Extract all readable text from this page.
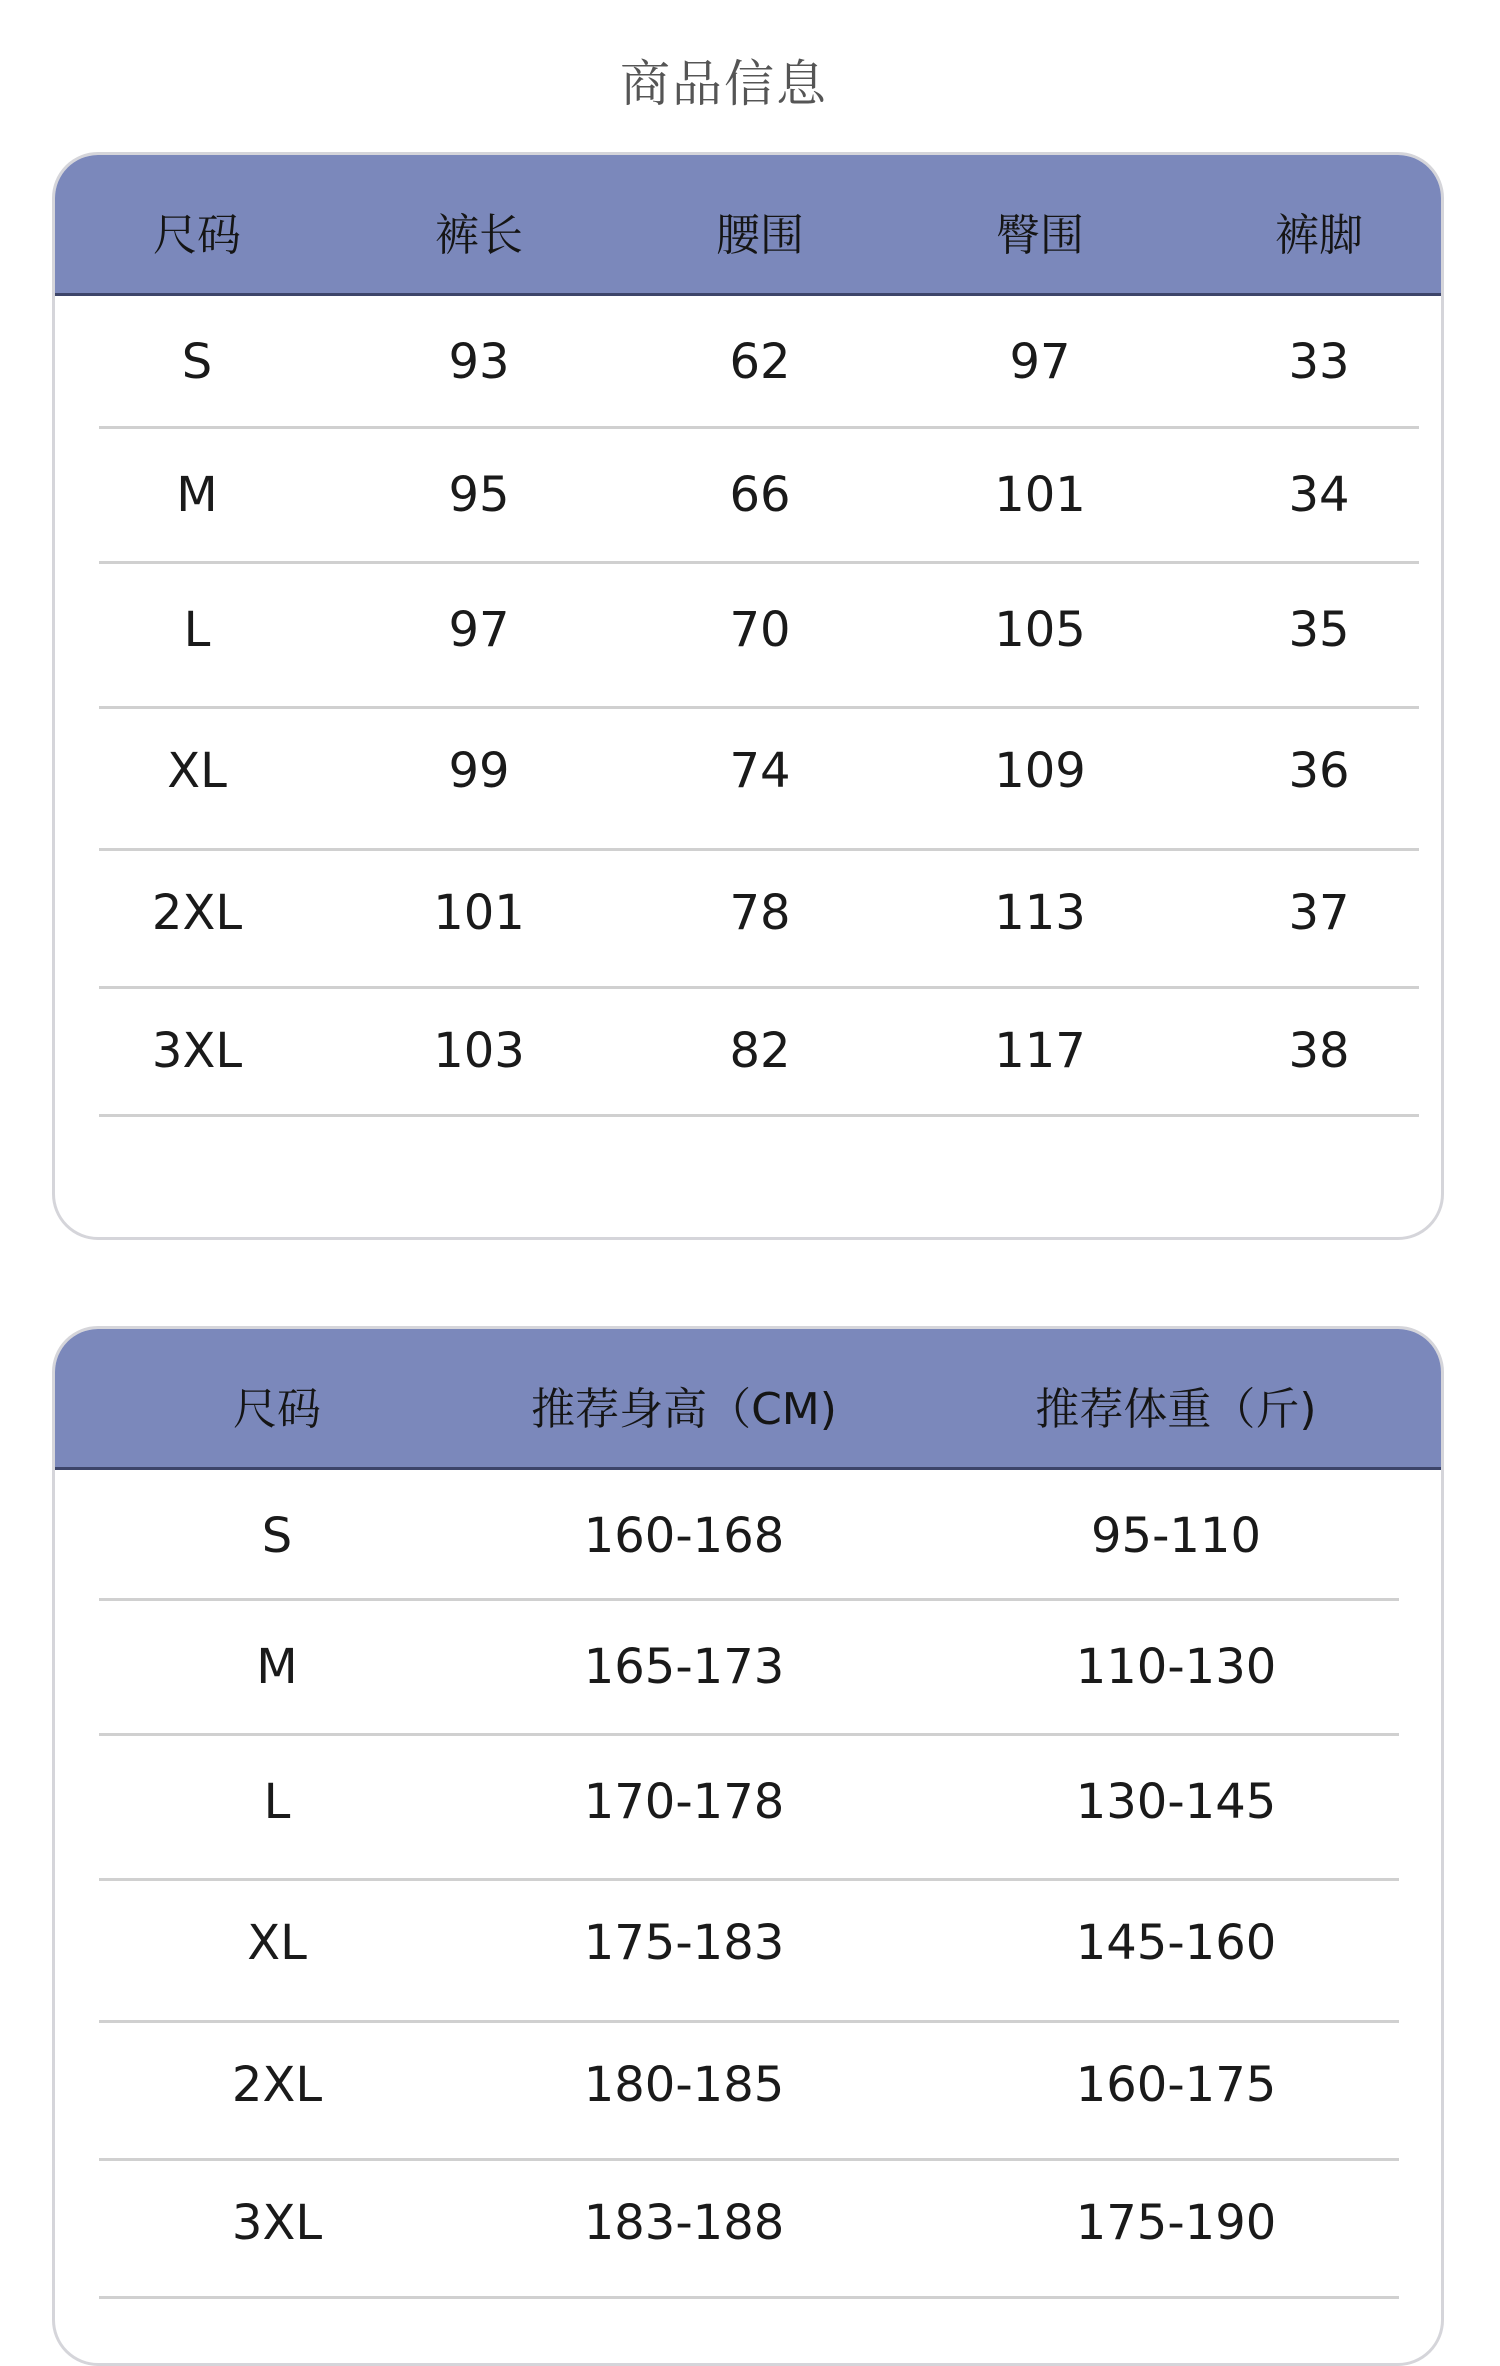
商品信息
尺码	裤长	腰围	臀围	裤脚
S	93	62	97	33
M	95	66	101	34
L	97	70	105	35
XL	99	74	109	36
2XL	101	78	113	37
3XL	103	82	117	38
尺码	推荐身高（CM)	推荐体重（斤)
S	160-168	95-110
M	165-173	110-130
L	170-178	130-145
XL	175-183	145-160
2XL	180-185	160-175
3XL	183-188	175-190
